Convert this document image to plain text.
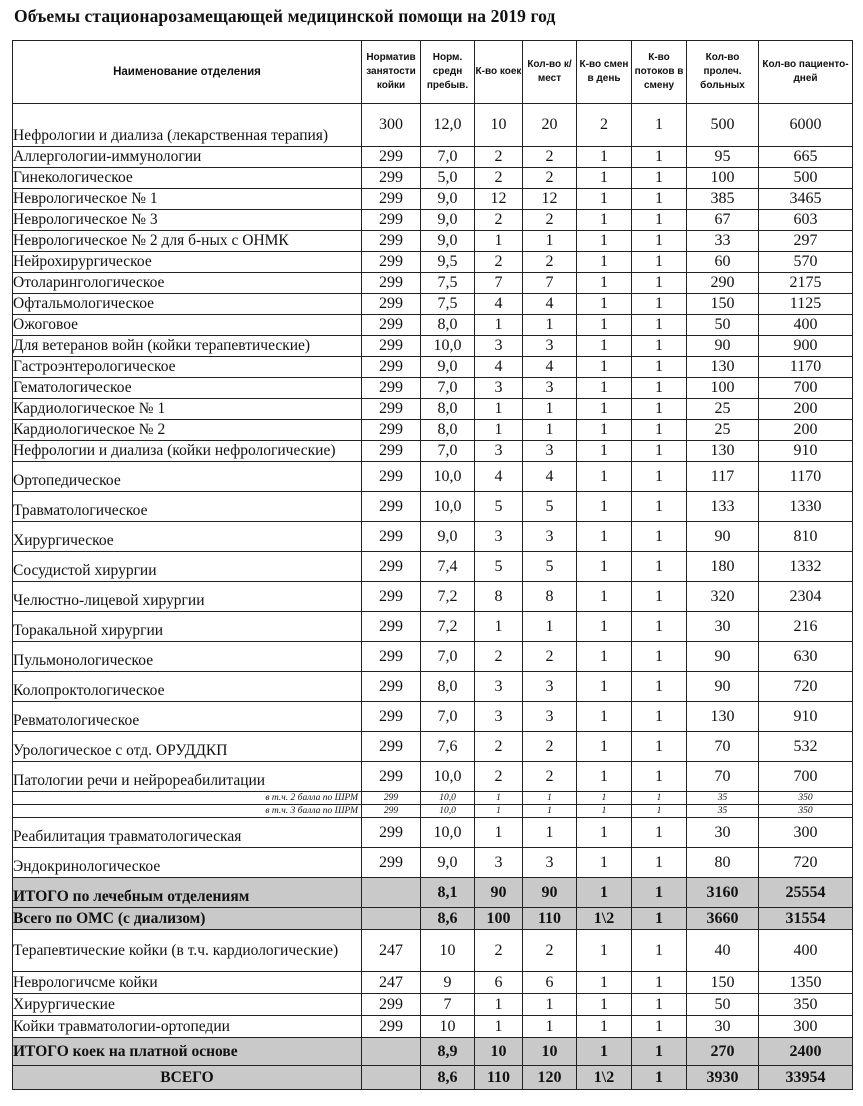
Объемы стационарозамещающей медицинской помощи на 2019 год
Наименование отделения	Норматив занятости койки	Норм. средн пребыв.	К-во коек	Кол-во к/мест	К-во смен в день	К-во потоков в смену	Кол-во пролеч. больных	Кол-во пациенто-дней
Нефрологии и диализа (лекарственная терапия)	300	12,0	10	20	2	1	500	6000
Аллергологии-иммунологии	299	7,0	2	2	1	1	95	665
Гинекологическое	299	5,0	2	2	1	1	100	500
Неврологическое № 1	299	9,0	12	12	1	1	385	3465
Неврологическое № 3	299	9,0	2	2	1	1	67	603
Неврологическое № 2 для б-ных с ОНМК	299	9,0	1	1	1	1	33	297
Нейрохирургическое	299	9,5	2	2	1	1	60	570
Отоларингологическое	299	7,5	7	7	1	1	290	2175
Офтальмологическое	299	7,5	4	4	1	1	150	1125
Ожоговое	299	8,0	1	1	1	1	50	400
Для ветеранов войн (койки терапевтические)	299	10,0	3	3	1	1	90	900
Гастроэнтерологическое	299	9,0	4	4	1	1	130	1170
Гематологическое	299	7,0	3	3	1	1	100	700
Кардиологическое № 1	299	8,0	1	1	1	1	25	200
Кардиологическое № 2	299	8,0	1	1	1	1	25	200
Нефрологии и диализа (койки нефрологические)	299	7,0	3	3	1	1	130	910
Ортопедическое	299	10,0	4	4	1	1	117	1170
Травматологическое	299	10,0	5	5	1	1	133	1330
Хирургическое	299	9,0	3	3	1	1	90	810
Сосудистой хирургии	299	7,4	5	5	1	1	180	1332
Челюстно-лицевой хирургии	299	7,2	8	8	1	1	320	2304
Торакальной хирургии	299	7,2	1	1	1	1	30	216
Пульмонологическое	299	7,0	2	2	1	1	90	630
Колопроктологическое	299	8,0	3	3	1	1	90	720
Ревматологическое	299	7,0	3	3	1	1	130	910
Урологическое с отд. ОРУДДКП	299	7,6	2	2	1	1	70	532
Патологии речи и нейрореабилитации	299	10,0	2	2	1	1	70	700
в т.ч. 2 балла по ШРМ	299	10,0	1	1	1	1	35	350
в т.ч. 3 балла по ШРМ	299	10,0	1	1	1	1	35	350
Реабилитация травматологическая	299	10,0	1	1	1	1	30	300
Эндокринологическое	299	9,0	3	3	1	1	80	720
ИТОГО по лечебным отделениям		8,1	90	90	1	1	3160	25554
Всего по ОМС (с диализом)		8,6	100	110	1\2	1	3660	31554
Терапевтические койки (в т.ч. кардиологические)	247	10	2	2	1	1	40	400
Неврологичсме койки	247	9	6	6	1	1	150	1350
Хирургические	299	7	1	1	1	1	50	350
Койки травматологии-ортопедии	299	10	1	1	1	1	30	300
ИТОГО коек на платной основе		8,9	10	10	1	1	270	2400
ВСЕГО		8,6	110	120	1\2	1	3930	33954
